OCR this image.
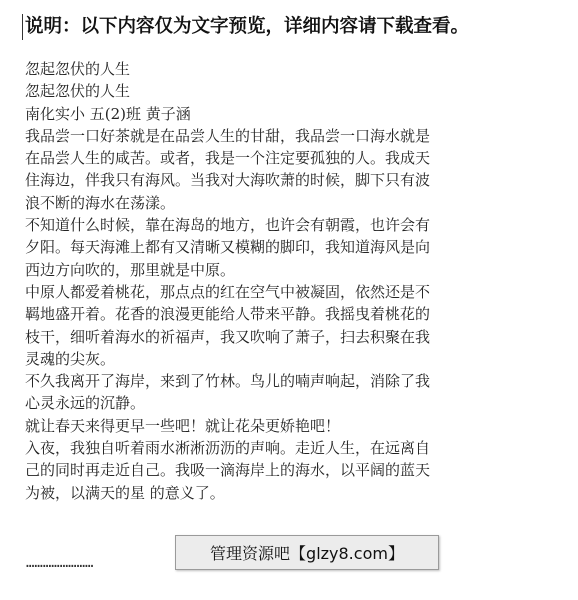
说明：以下内容仅为文字预览，详细内容请下载查看。
忽起忽伏的人生
忽起忽伏的人生
南化实小 五(2)班 黄子涵
我品尝一口好茶就是在品尝人生的甘甜，我品尝一口海水就是
在品尝人生的咸苦。或者，我是一个注定要孤独的人。我成天
住海边，伴我只有海风。当我对大海吹萧的时候，脚下只有波
浪不断的海水在荡漾。
不知道什么时候，靠在海岛的地方，也许会有朝霞，也许会有
夕阳。每天海滩上都有又清晰又模糊的脚印，我知道海风是向
西边方向吹的，那里就是中原。
中原人都爱着桃花，那点点的红在空气中被凝固，依然还是不
羁地盛开着。花香的浪漫更能给人带来平静。我摇曳着桃花的
枝干，细听着海水的祈福声，我又吹响了萧子，扫去积聚在我
灵魂的尖灰。
不久我离开了海岸，来到了竹林。鸟儿的喃声响起，消除了我
心灵永远的沉静。
就让春天来得更早一些吧！就让花朵更娇艳吧！
入夜，我独自听着雨水淅淅沥沥的声响。走近人生，在远离自
己的同时再走近自己。我吸一滴海岸上的海水，以平阔的蓝天
为被，以满天的星 的意义了。
……………………	管理资源吧【glzy8.com】
